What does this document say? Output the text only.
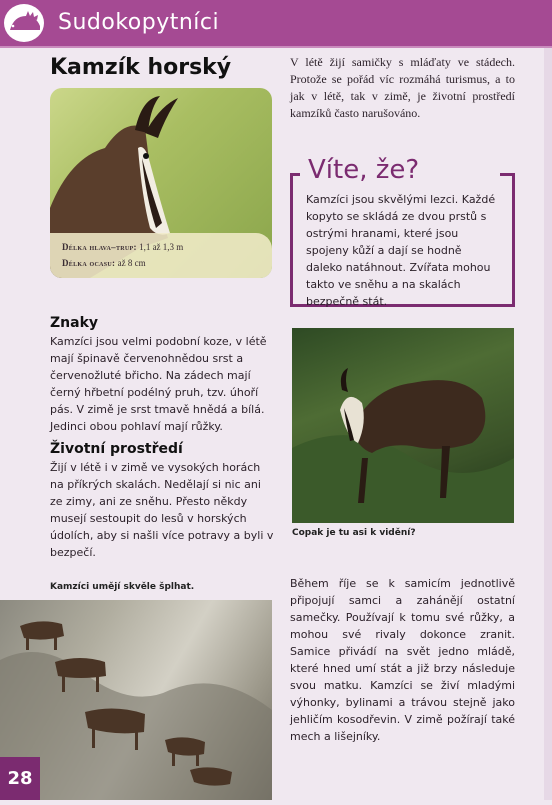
Sudokopytníci
Kamzík horský
Délka hlava–trup: 1,1 až 1,3 m
Délka ocasu: až 8 cm
V létě žijí samičky s mláďaty ve stádech. Protože se pořád víc rozmáhá turismus, a to jak v létě, tak v zimě, je životní prostředí kamzíků často narušováno.
Víte, že?
Kamzíci jsou skvělými lezci. Každé kopyto se skládá ze dvou prstů s ostrými hranami, které jsou spojeny kůží a dají se hodně daleko natáhnout. Zvířata mohou takto ve sněhu a na skalách bezpečně stát.
Znaky
Kamzíci jsou velmi podobní koze, v létě mají špinavě červenohnědou srst a červenožluté břicho. Na zádech mají černý hřbetní podélný pruh, tzv. úhoří pás. V zimě je srst tmavě hnědá a bílá. Jedinci obou pohlaví mají růžky.
Životní prostředí
Žijí v létě i v zimě ve vysokých horách na příkrých skalách. Nedělají si nic ani ze zimy, ani ze sněhu. Přesto někdy musejí sestoupit do lesů v horských údolích, aby si našli více potravy a byli v bezpečí.
Copak je tu asi k vidění?
Kamzíci umějí skvěle šplhat.	Během říje se k samicím jednotlivě připojují samci a zahánějí ostatní samečky. Používají k tomu své růžky, a mohou své rivaly dokonce zranit. Samice přivádí na svět jedno mládě, které hned umí stát a již brzy následuje svou matku. Kamzíci se živí mladými výhonky, bylinami a trávou stejně jako jehličím kosodřevin. V zimě požírají také mech a lišejníky.
28
